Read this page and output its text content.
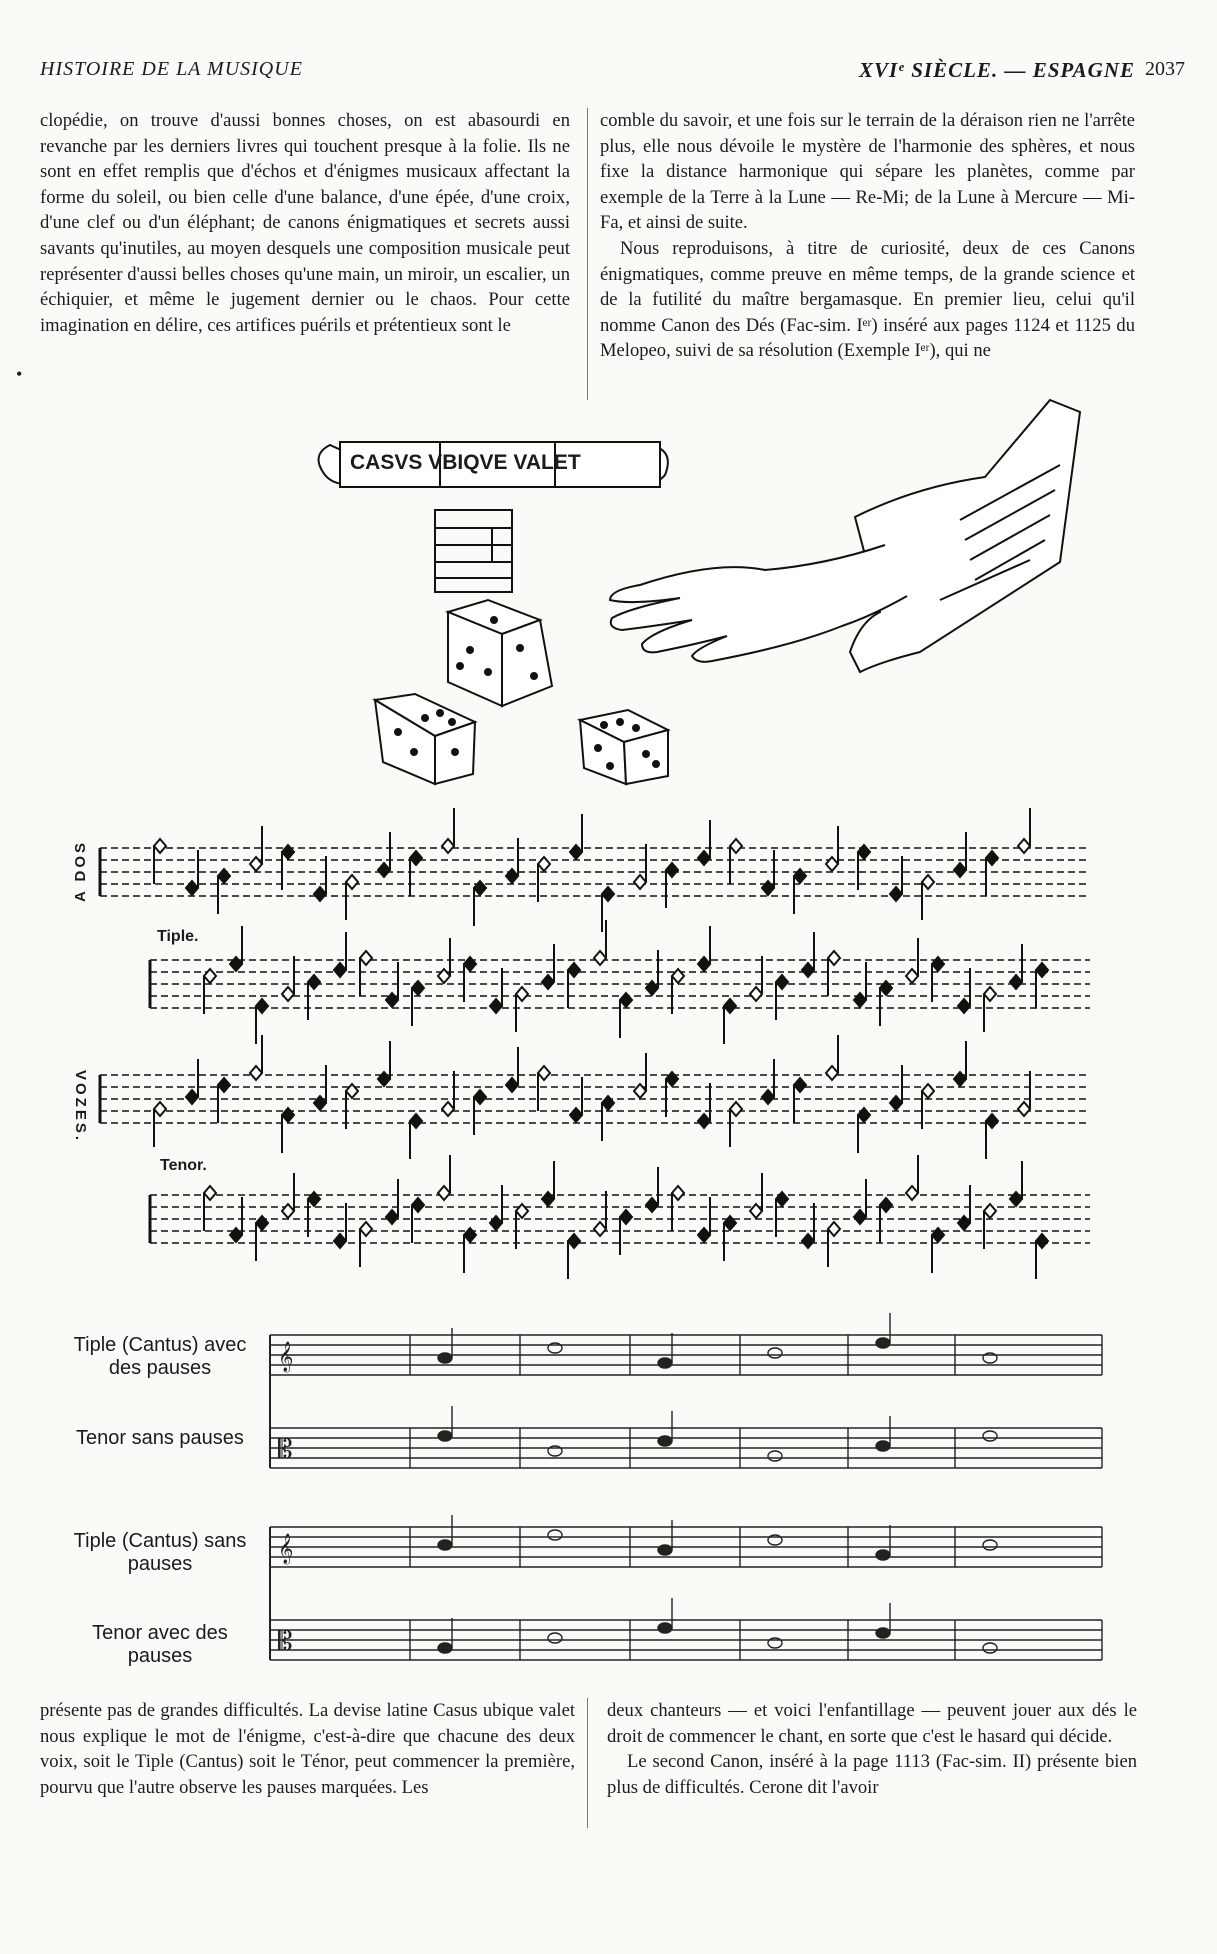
HISTOIRE DE LA MUSIQUE	XVIᵉ SIÈCLE. — ESPAGNE 2037

clopédie, on trouve d'aussi bonnes choses, on est abasourdi en revanche par les derniers livres qui touchent presque à la folie. Ils ne sont en effet remplis que d'échos et d'énigmes musicaux affectant la forme du soleil, ou bien celle d'une balance, d'une épée, d'une croix, d'une clef ou d'un éléphant; de canons énigmatiques et secrets aussi savants qu'inutiles, au moyen desquels une composition musicale peut représenter d'aussi belles choses qu'une main, un miroir, un escalier, un échiquier, et même le jugement dernier ou le chaos. Pour cette imagination en délire, ces artifices puérils et prétentieux sont le

comble du savoir, et une fois sur le terrain de la déraison rien ne l'arrête plus, elle nous dévoile le mystère de l'harmonie des sphères, et nous fixe la distance harmonique qui sépare les planètes, comme par exemple de la Terre à la Lune — Re-Mi; de la Lune à Mercure — Mi-Fa, et ainsi de suite.

Nous reproduisons, à titre de curiosité, deux de ces Canons énigmatiques, comme preuve en même temps, de la grande science et de la futilité du maître bergamasque. En premier lieu, celui qu'il nomme Canon des Dés (Fac-sim. Iᵉʳ) inséré aux pages 1124 et 1125 du Melopeo, suivi de sa résolution (Exemple Iᵉʳ), qui ne

•
𝄞
𝄡
𝄞
𝄡
CASVS VBIQVE VALET
A DOS
VOZES.
Tiple.
Tenor.
Tiple (Cantus) avec des pauses
Tenor sans pauses
Tiple (Cantus) sans pauses
Tenor avec des pauses

présente pas de grandes difficultés. La devise latine Casus ubique valet nous explique le mot de l'énigme, c'est-à-dire que chacune des deux voix, soit le Tiple (Cantus) soit le Ténor, peut commencer la première, pourvu que l'autre observe les pauses marquées. Les

deux chanteurs — et voici l'enfantillage — peuvent jouer aux dés le droit de commencer le chant, en sorte que c'est le hasard qui décide.

Le second Canon, inséré à la page 1113 (Fac-sim. II) présente bien plus de difficultés. Cerone dit l'avoir
